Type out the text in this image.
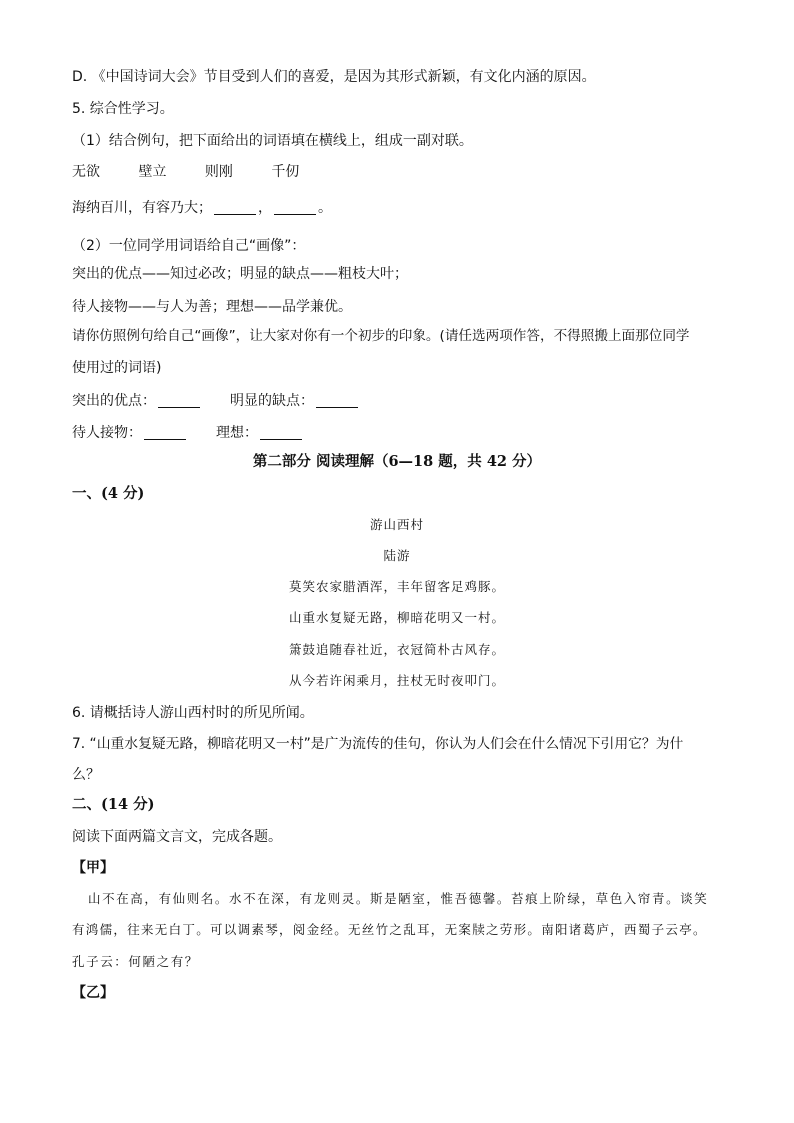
D. 《中国诗词大会》节目受到人们的喜爱，是因为其形式新颖，有文化内涵的原因。
5. 综合性学习。
（1）结合例句，把下面给出的词语填在横线上，组成一副对联。
无欲	壁立	则刚	千仞
海纳百川，有容乃大；	，	。
（2）一位同学用词语给自己“画像”：
突出的优点——知过必改；明显的缺点——粗枝大叶；
待人接物——与人为善；理想——品学兼优。
请你仿照例句给自己“画像”，让大家对你有一个初步的印象。(请任选两项作答，不得照搬上面那位同学
使用过的词语)
突出的优点：	明显的缺点：
待人接物：	理想：
第二部分 阅读理解（6—18 题，共 42 分）
一、(4 分)
游山西村
陆游
莫笑农家腊酒浑，丰年留客足鸡豚。
山重水复疑无路，柳暗花明又一村。
箫鼓追随春社近，衣冠简朴古风存。
从今若许闲乘月，拄杖无时夜叩门。
6. 请概括诗人游山西村时的所见所闻。
7. “山重水复疑无路，柳暗花明又一村”是广为流传的佳句，你认为人们会在什么情况下引用它？为什
么？
二、(14 分)
阅读下面两篇文言文，完成各题。
【甲】
山不在高，有仙则名。水不在深，有龙则灵。斯是陋室，惟吾德馨。苔痕上阶绿，草色入帘青。谈笑
有鸿儒，往来无白丁。可以调素琴，阅金经。无丝竹之乱耳，无案牍之劳形。南阳诸葛庐，西蜀子云亭。
孔子云：何陋之有？
【乙】
